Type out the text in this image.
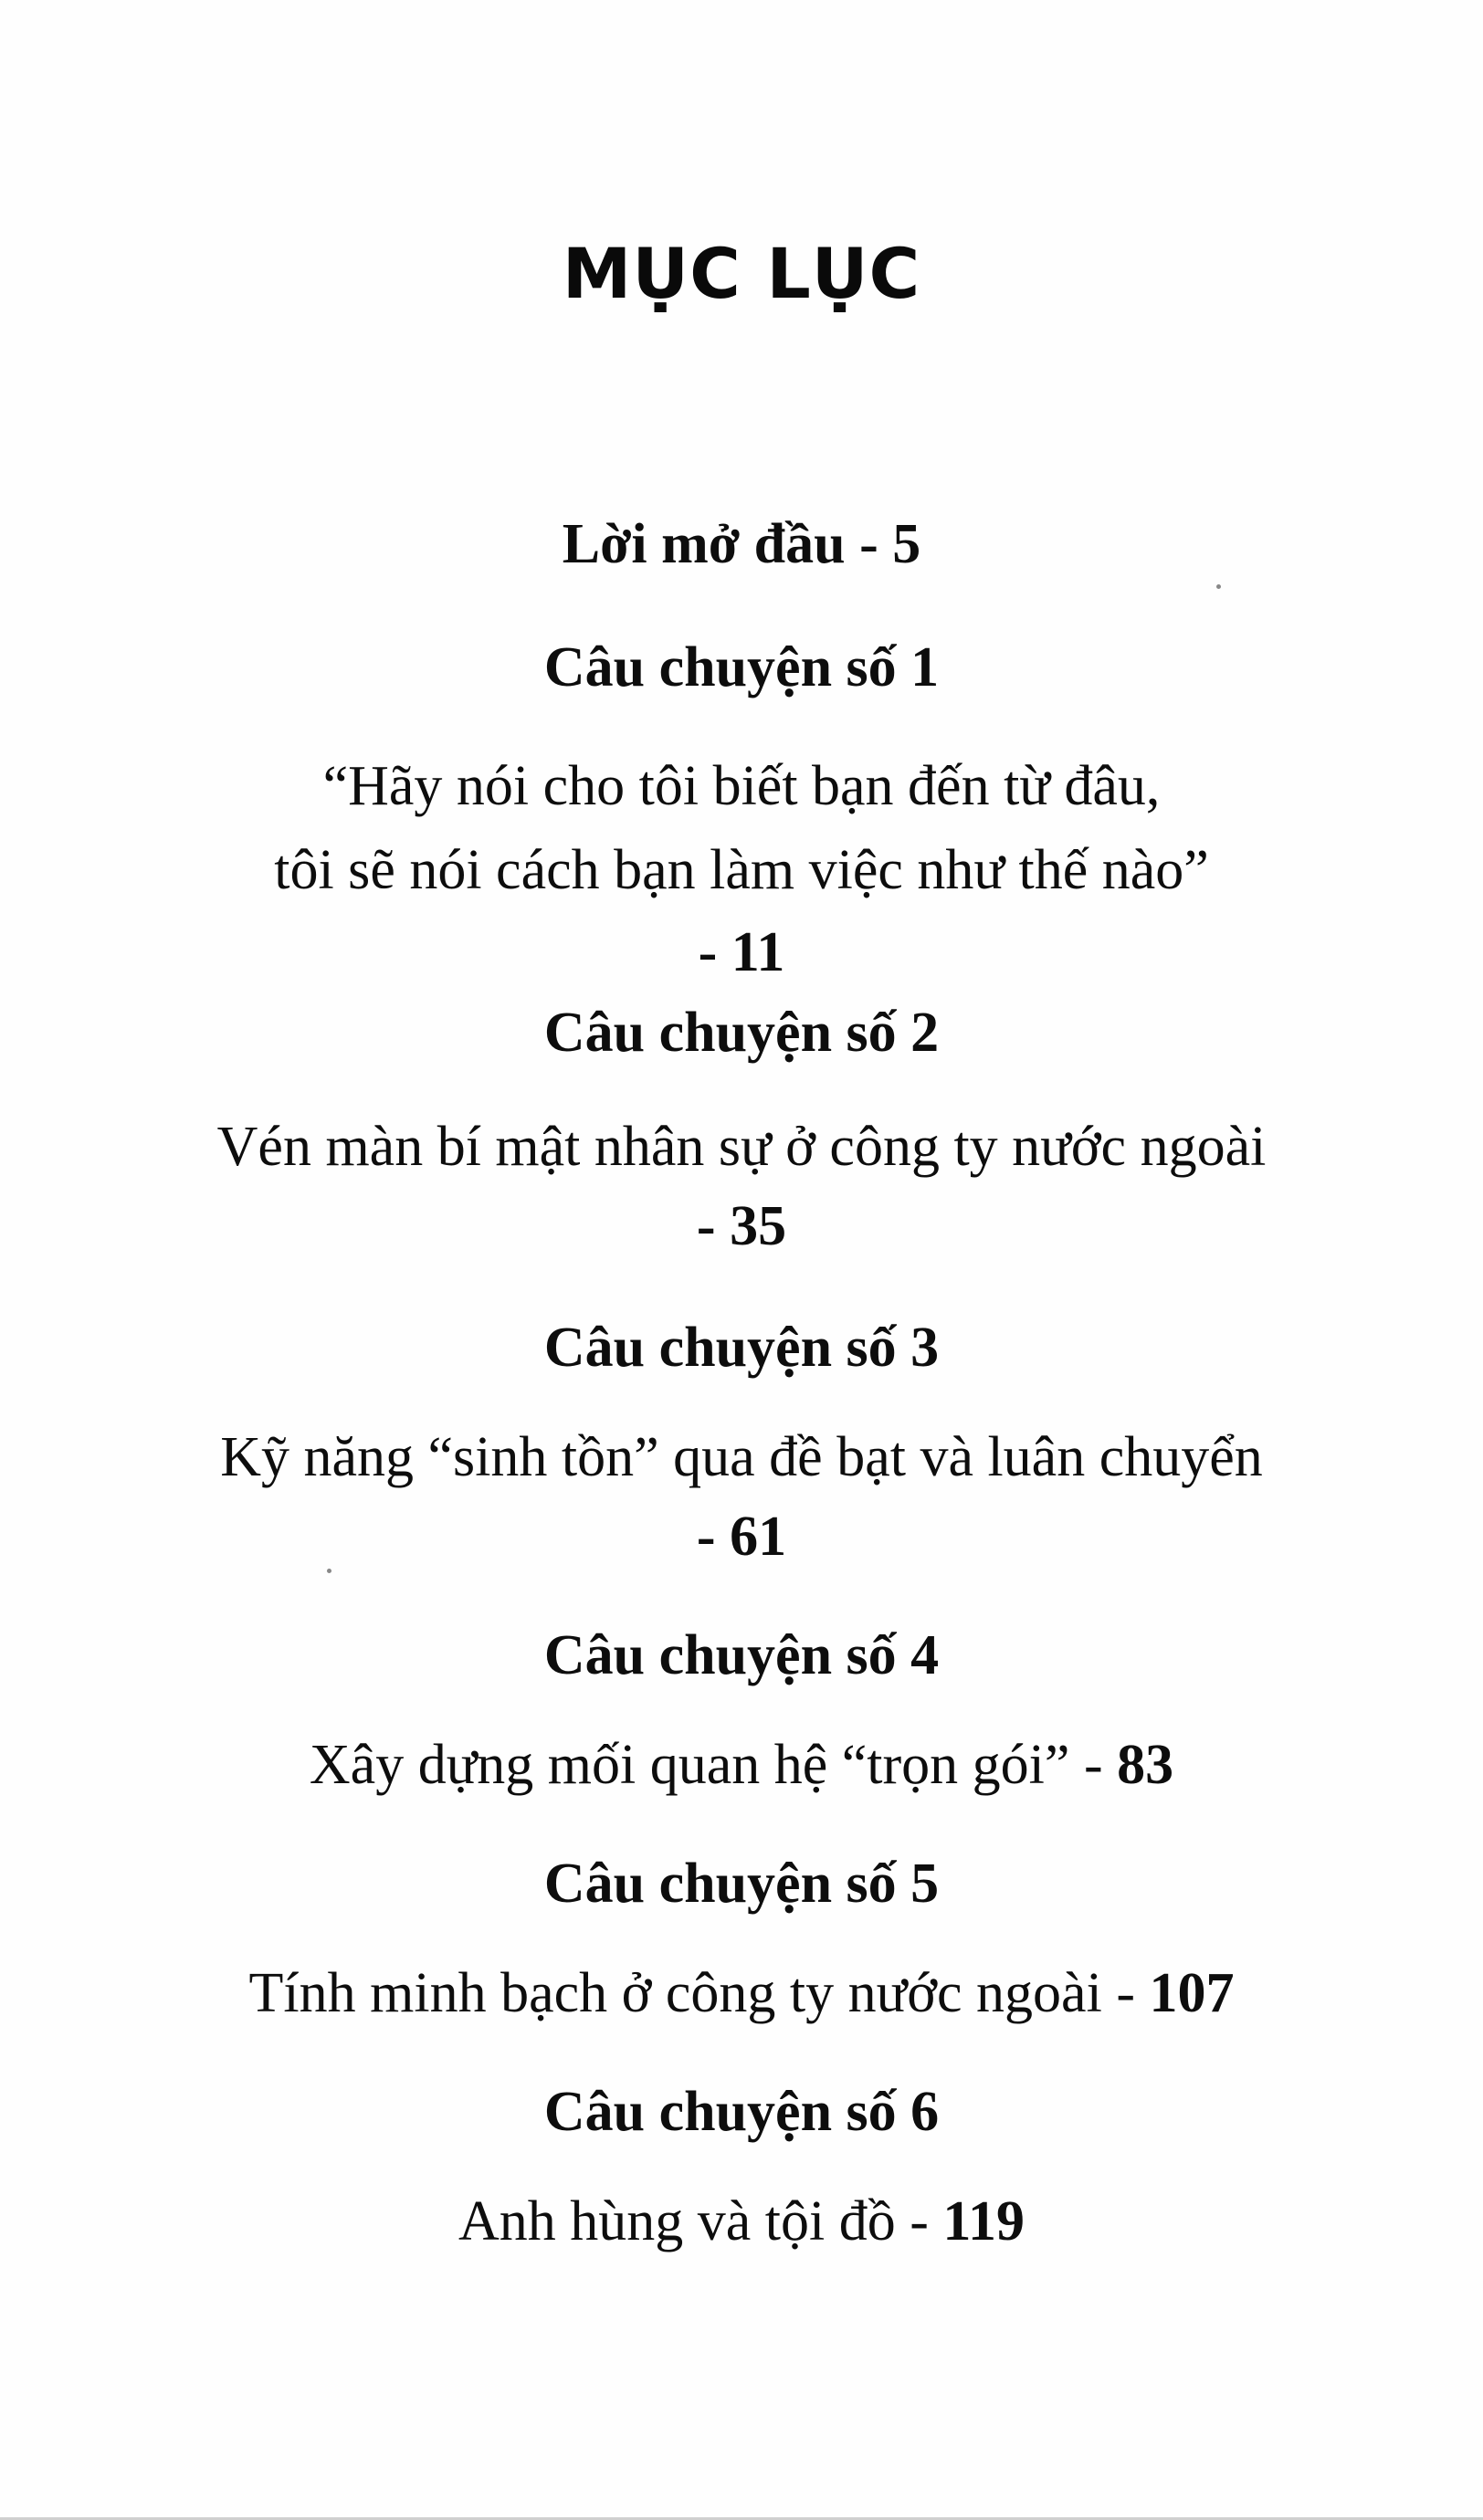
MỤC LỤC
Lời mở đầu - 5
Câu chuyện số 1
“Hãy nói cho tôi biết bạn đến từ đâu,
tôi sẽ nói cách bạn làm việc như thế nào”
- 11
Câu chuyện số 2
Vén màn bí mật nhân sự ở công ty nước ngoài
- 35
Câu chuyện số 3
Kỹ năng “sinh tồn” qua đề bạt và luân chuyển
- 61
Câu chuyện số 4
Xây dựng mối quan hệ “trọn gói” - 83
Câu chuyện số 5
Tính minh bạch ở công ty nước ngoài - 107
Câu chuyện số 6
Anh hùng và tội đồ - 119
